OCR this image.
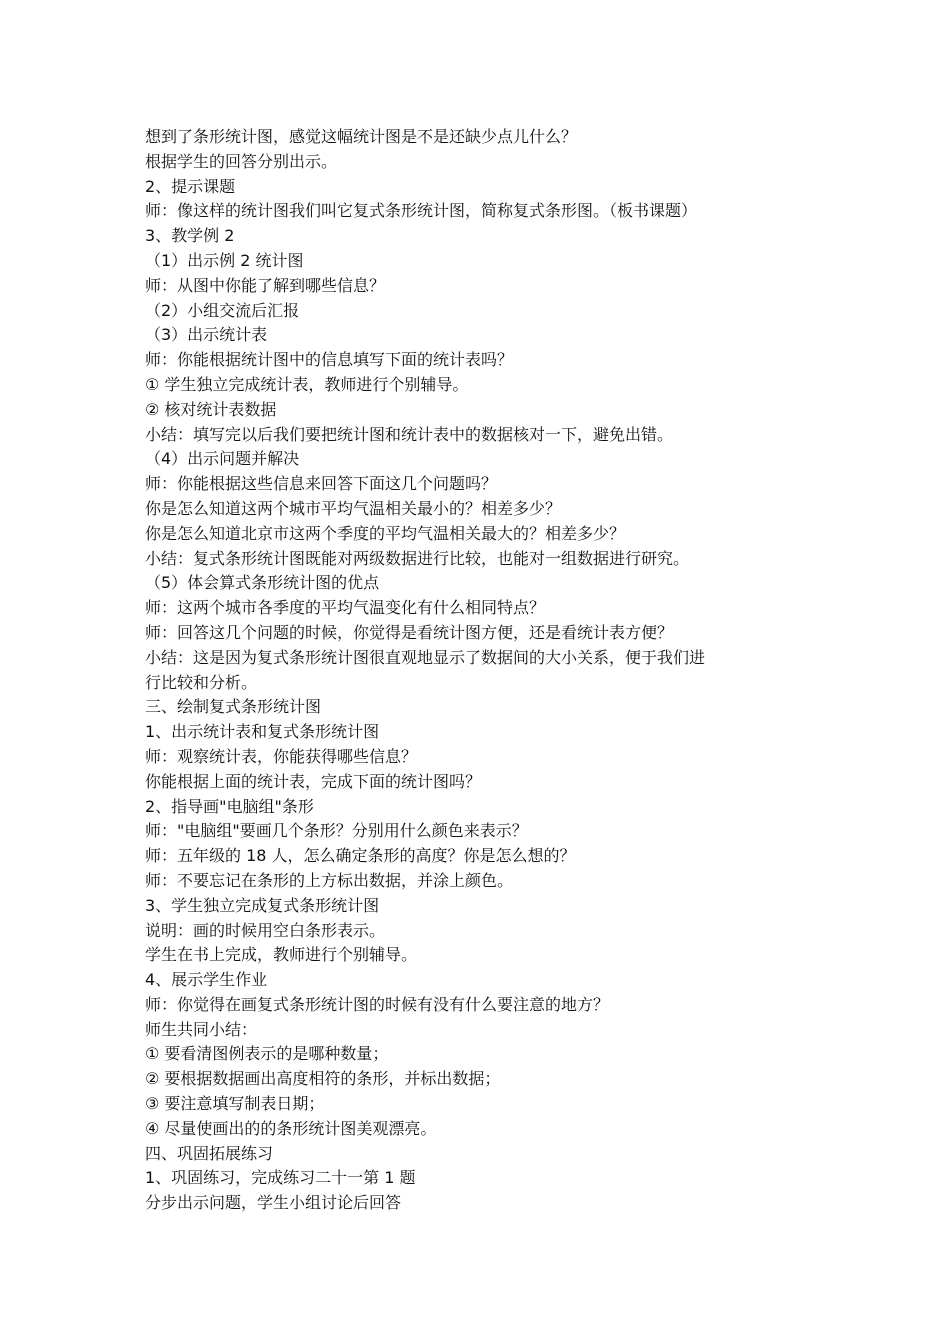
想到了条形统计图，感觉这幅统计图是不是还缺少点儿什么？

根据学生的回答分别出示。

2、提示课题

师：像这样的统计图我们叫它复式条形统计图，简称复式条形图。（板书课题）

3、教学例 2

（1）出示例 2 统计图

师：从图中你能了解到哪些信息？

（2）小组交流后汇报

（3）出示统计表

师：你能根据统计图中的信息填写下面的统计表吗？

① 学生独立完成统计表，教师进行个别辅导。

② 核对统计表数据

小结：填写完以后我们要把统计图和统计表中的数据核对一下，避免出错。

（4）出示问题并解决

师：你能根据这些信息来回答下面这几个问题吗？

你是怎么知道这两个城市平均气温相关最小的？相差多少？

你是怎么知道北京市这两个季度的平均气温相关最大的？相差多少？

小结：复式条形统计图既能对两级数据进行比较，也能对一组数据进行研究。

（5）体会算式条形统计图的优点

师：这两个城市各季度的平均气温变化有什么相同特点？

师：回答这几个问题的时候，你觉得是看统计图方便，还是看统计表方便？

小结：这是因为复式条形统计图很直观地显示了数据间的大小关系，便于我们进

行比较和分析。

三、绘制复式条形统计图

1、出示统计表和复式条形统计图

师：观察统计表，你能获得哪些信息？

你能根据上面的统计表，完成下面的统计图吗？

2、指导画"电脑组"条形

师："电脑组"要画几个条形？分别用什么颜色来表示？

师：五年级的 18 人，怎么确定条形的高度？你是怎么想的？

师：不要忘记在条形的上方标出数据，并涂上颜色。

3、学生独立完成复式条形统计图

说明：画的时候用空白条形表示。

学生在书上完成，教师进行个别辅导。

4、展示学生作业

师：你觉得在画复式条形统计图的时候有没有什么要注意的地方？

师生共同小结：

① 要看清图例表示的是哪种数量；

② 要根据数据画出高度相符的条形，并标出数据；

③ 要注意填写制表日期；

④ 尽量使画出的的条形统计图美观漂亮。

四、巩固拓展练习

1、巩固练习，完成练习二十一第 1 题

分步出示问题，学生小组讨论后回答
